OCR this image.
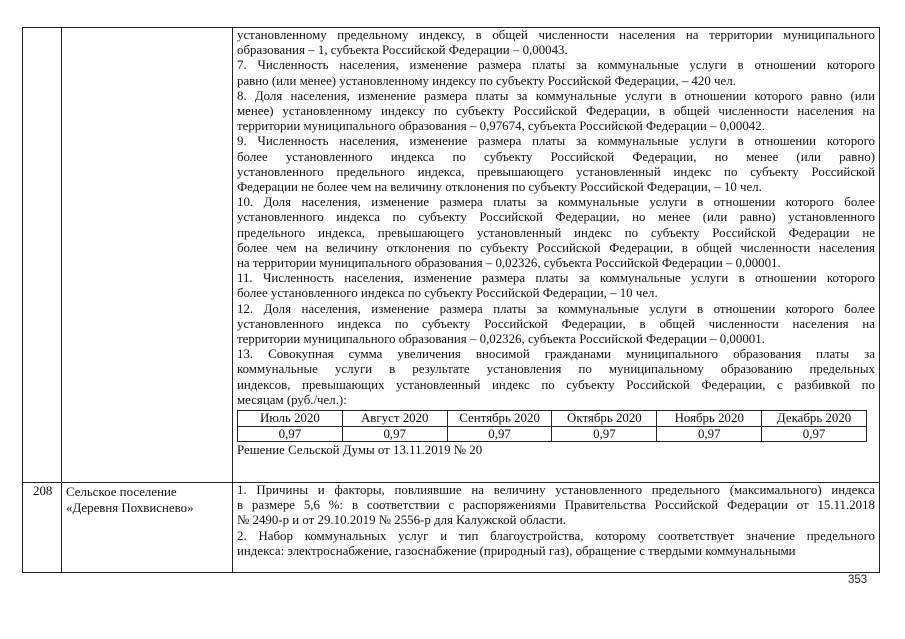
установленному предельному индексу, в общей численности населения на территории муниципального
образования – 1, субъекта Российской Федерации – 0,00043.

7. Численность населения, изменение размера платы за коммунальные услуги в отношении которого
равно (или менее) установленному индексу по субъекту Российской Федерации, – 420 чел.

8. Доля населения, изменение размера платы за коммунальные услуги в отношении которого равно (или
менее) установленному индексу по субъекту Российской Федерации, в общей численности населения на
территории муниципального образования – 0,97674, субъекта Российской Федерации – 0,00042.

9. Численность населения, изменение размера платы за коммунальные услуги в отношении которого
более установленного индекса по субъекту Российской Федерации, но менее (или равно)
установленного предельного индекса, превышающего установленный индекс по субъекту Российской
Федерации не более чем на величину отклонения по субъекту Российской Федерации, – 10 чел.

10. Доля населения, изменение размера платы за коммунальные услуги в отношении которого более
установленного индекса по субъекту Российской Федерации, но менее (или равно) установленного
предельного индекса, превышающего установленный индекс по субъекту Российской Федерации не
более чем на величину отклонения по субъекту Российской Федерации, в общей численности населения
на территории муниципального образования – 0,02326, субъекта Российской Федерации – 0,00001.

11. Численность населения, изменение размера платы за коммунальные услуги в отношении которого
более установленного индекса по субъекту Российской Федерации, – 10 чел.

12. Доля населения, изменение размера платы за коммунальные услуги в отношении которого более
установленного индекса по субъекту Российской Федерации, в общей численности населения на
территории муниципального образования – 0,02326, субъекта Российской Федерации – 0,00001.

13. Совокупная сумма увеличения вносимой гражданами муниципального образования платы за
коммунальные услуги в результате установления по муниципальному образованию предельных
индексов, превышающих установленный индекс по субъекту Российской Федерации, с разбивкой по
месяцам (руб./чел.):

Июль 2020	Август 2020	Сентябрь 2020	Октябрь 2020	Ноябрь 2020	Декабрь 2020
0,97	0,97	0,97	0,97	0,97	0,97

Решение Сельской Думы от 13.11.2019 № 20

208	Сельское поселение
«Деревня Похвиснево»

1. Причины и факторы, повлиявшие на величину установленного предельного (максимального) индекса
в размере 5,6 %: в соответствии с распоряжениями Правительства Российской Федерации от 15.11.2018
№ 2490-р и от 29.10.2019 № 2556-р для Калужской области.

2. Набор коммунальных услуг и тип благоустройства, которому соответствует значение предельного
индекса: электроснабжение, газоснабжение (природный газ), обращение с твердыми коммунальными

353
